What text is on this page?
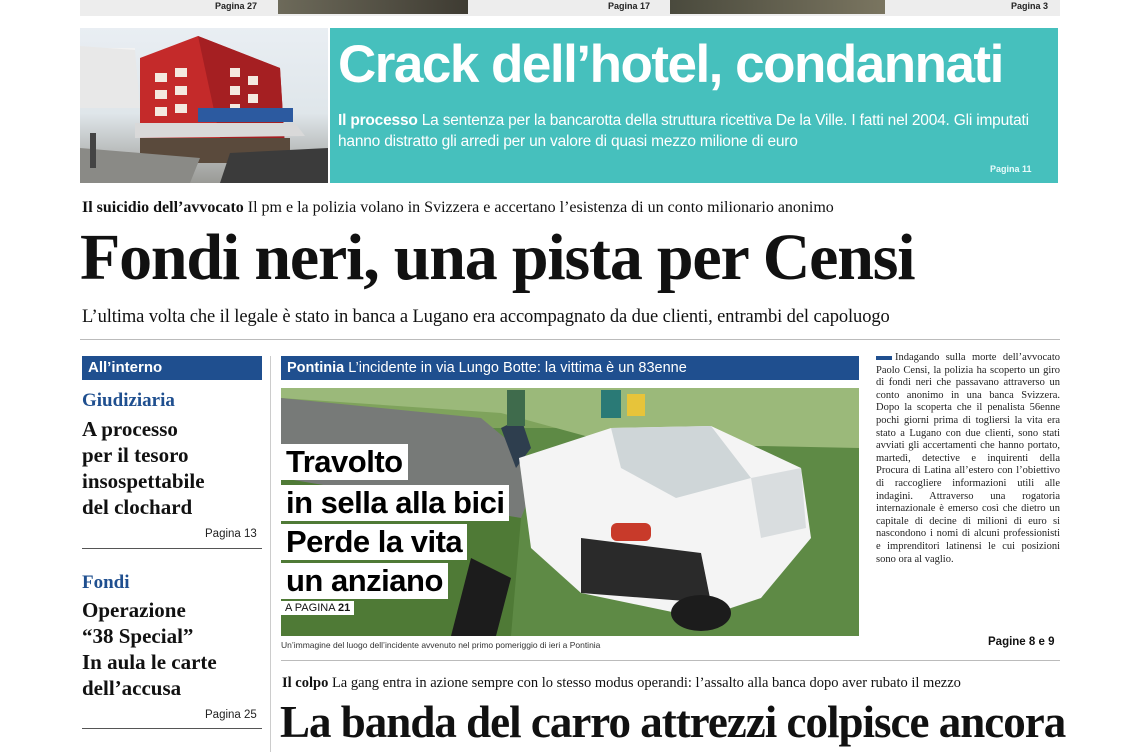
Pagina 27	Pagina 17	Pagina 3
Crack dell’hotel, condannati
Il processo La sentenza per la bancarotta della struttura ricettiva De la Ville. I fatti nel 2004. Gli imputati hanno distratto gli arredi per un valore di quasi mezzo milione di euro
Pagina 11
Il suicidio dell’avvocato Il pm e la polizia volano in Svizzera e accertano l’esistenza di un conto milionario anonimo
Fondi neri, una pista per Censi
L’ultima volta che il legale è stato in banca a Lugano era accompagnato da due clienti, entrambi del capoluogo
All’interno
Giudiziaria
A processo
per il tesoro
insospettabile
del clochard
Pagina 13
Fondi
Operazione
“38 Special”
In aula le carte
dell’accusa
Pagina 25
Pontinia L’incidente in via Lungo Botte: la vittima è un 83enne
Travolto
in sella alla bici
Perde la vita
un anziano
A PAGINA 21
Un’immagine del luogo dell’incidente avvenuto nel primo pomeriggio di ieri a Pontinia
Indagando sulla morte dell’avvocato Paolo Censi, la polizia ha scoperto un giro di fondi neri che passavano attraverso un conto anonimo in una banca Svizzera. Dopo la scoperta che il penalista 56enne pochi giorni prima di togliersi la vita era stato a Lugano con due clienti, sono stati avviati gli accertamenti che hanno portato, martedì, detective e inquirenti della Procura di Latina all’estero con l’obiettivo di raccogliere informazioni utili alle indagini. Attraverso una rogatoria internazionale è emerso così che dietro un capitale di decine di milioni di euro si nascondono i nomi di alcuni professionisti e imprenditori latinensi le cui posizioni sono ora al vaglio.
Pagine 8 e 9
Il colpo La gang entra in azione sempre con lo stesso modus operandi: l’assalto alla banca dopo aver rubato il mezzo
La banda del carro attrezzi colpisce ancora
